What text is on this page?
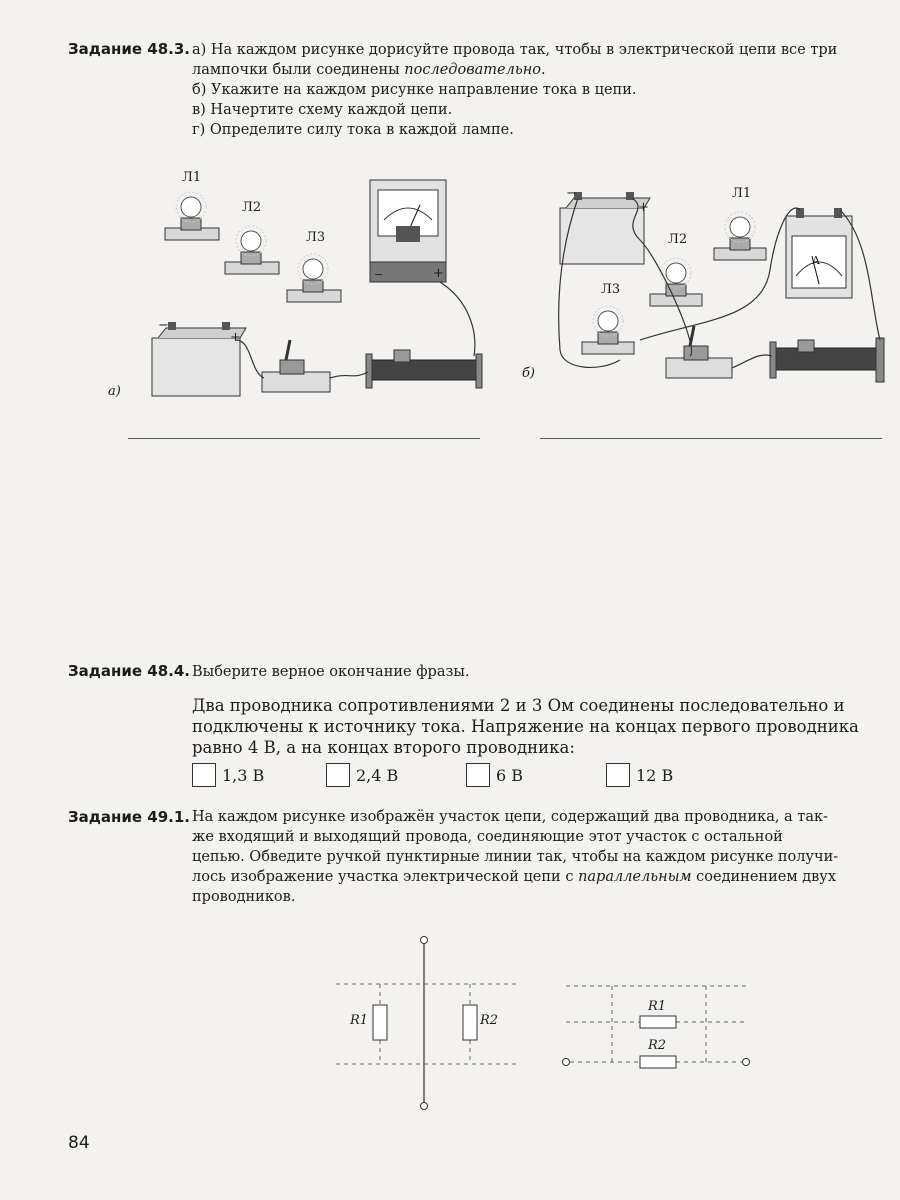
Задание 48.3. а) На каждом рисунке дорисуйте провода так, чтобы в электрической цепи все три
лампочки были соединены последовательно.
б) Укажите на каждом рисунке направление тока в цепи.
в) Начертите схему каждой цепи.
г) Определите силу тока в каждой лампе.
Л1
Л2
Л3
−	+
−
+
а)
Л1
Л2
Л3
A
−
+
б)
Задание 48.4. Выберите верное окончание фразы.
Два проводника сопротивлениями 2 и 3 Ом соединены последовательно и
подключены к источнику тока. Напряжение на концах первого проводника
равно 4 В, а на концах второго проводника:
1,3 В	2,4 В	6 В	12 В
Задание 49.1. На каждом рисунке изображён участок цепи, содержащий два проводника, а так-
же входящий и выходящий провода, соединяющие этот участок с остальной
цепью. Обведите ручкой пунктирные линии так, чтобы на каждом рисунке получи-
лось изображение участка электрической цепи с параллельным соединением двух
проводников.
R1	R2
R1
R2
84
